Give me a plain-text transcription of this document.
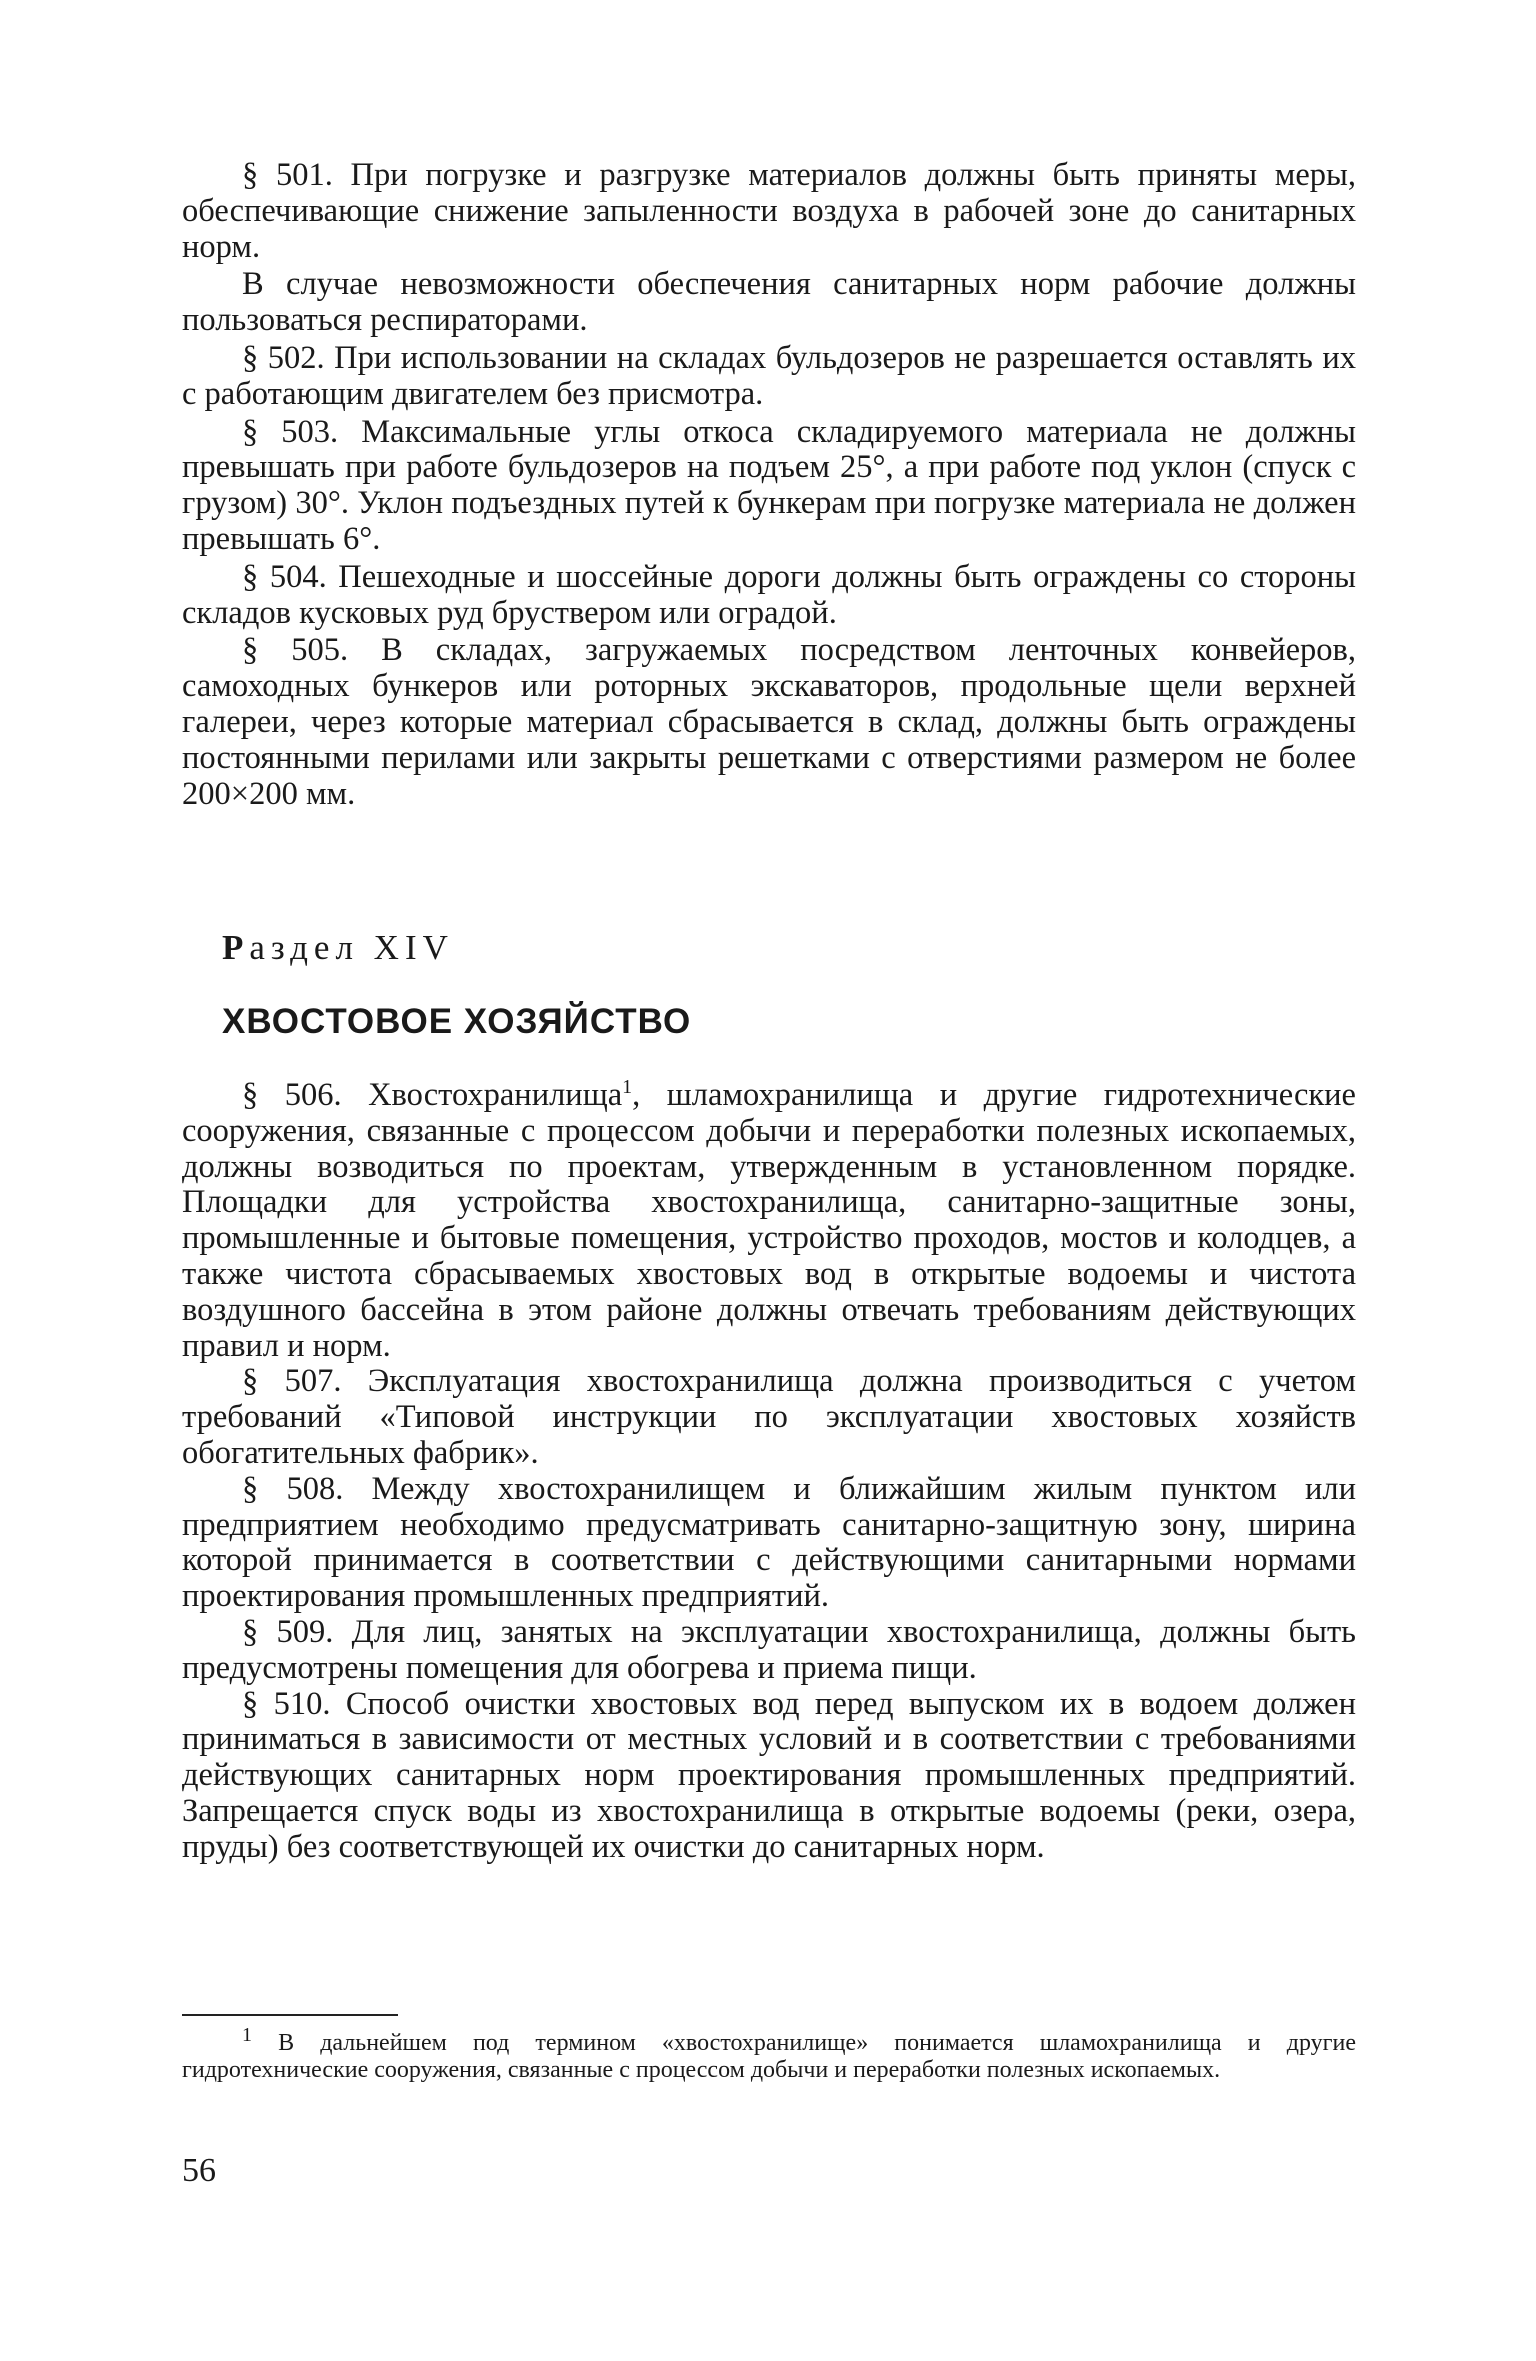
§ 501. При погрузке и разгрузке материалов должны быть приняты меры, обеспечивающие снижение запыленности воздуха в рабочей зоне до санитарных норм.

В случае невозможности обеспечения санитарных норм рабочие должны пользоваться респираторами.

§ 502. При использовании на складах бульдозеров не разрешается оставлять их с работающим двигателем без присмотра.

§ 503. Максимальные углы откоса складируемого материала не должны превышать при работе бульдозеров на подъем 25°, а при работе под уклон (спуск с грузом) 30°. Уклон подъездных путей к бункерам при погрузке материала не должен превышать 6°.

§ 504. Пешеходные и шоссейные дороги должны быть ограждены со стороны складов кусковых руд бруствером или оградой.

§ 505. В складах, загружаемых посредством ленточных конвейеров, самоходных бункеров или роторных экскаваторов, продольные щели верхней галереи, через которые материал сбрасывается в склад, должны быть ограждены постоянными перилами или закрыты решетками с отверстиями размером не более 200×200 мм.

Раздел XIV
ХВОСТОВОЕ ХОЗЯЙСТВО

§ 506. Хвостохранилища$^1$, шламохранилища и другие гидротехнические сооружения, связанные с процессом добычи и переработки полезных ископаемых, должны возводиться по проектам, утвержденным в установленном порядке. Площадки для устройства хвостохранилища, санитарно-защитные зоны, промышленные и бытовые помещения, устройство проходов, мостов и колодцев, а также чистота сбрасываемых хвостовых вод в открытые водоемы и чистота воздушного бассейна в этом районе должны отвечать требованиям действующих правил и норм.

§ 507. Эксплуатация хвостохранилища должна производиться с учетом требований «Типовой инструкции по эксплуатации хвостовых хозяйств обогатительных фабрик».

§ 508. Между хвостохранилищем и ближайшим жилым пунктом или предприятием необходимо предусматривать санитарно-защитную зону, ширина которой принимается в соответствии с действующими санитарными нормами проектирования промышленных предприятий.

§ 509. Для лиц, занятых на эксплуатации хвостохранилища, должны быть предусмотрены помещения для обогрева и приема пищи.

§ 510. Способ очистки хвостовых вод перед выпуском их в водоем должен приниматься в зависимости от местных условий и в соответствии с требованиями действующих санитарных норм проектирования промышленных предприятий. Запрещается спуск воды из хвостохранилища в открытые водоемы (реки, озера, пруды) без соответствующей их очистки до санитарных норм.

$^1$ В дальнейшем под термином «хвостохранилище» понимается шламохранилища и другие гидротехнические сооружения, связанные с процессом добычи и переработки полезных ископаемых.

56
